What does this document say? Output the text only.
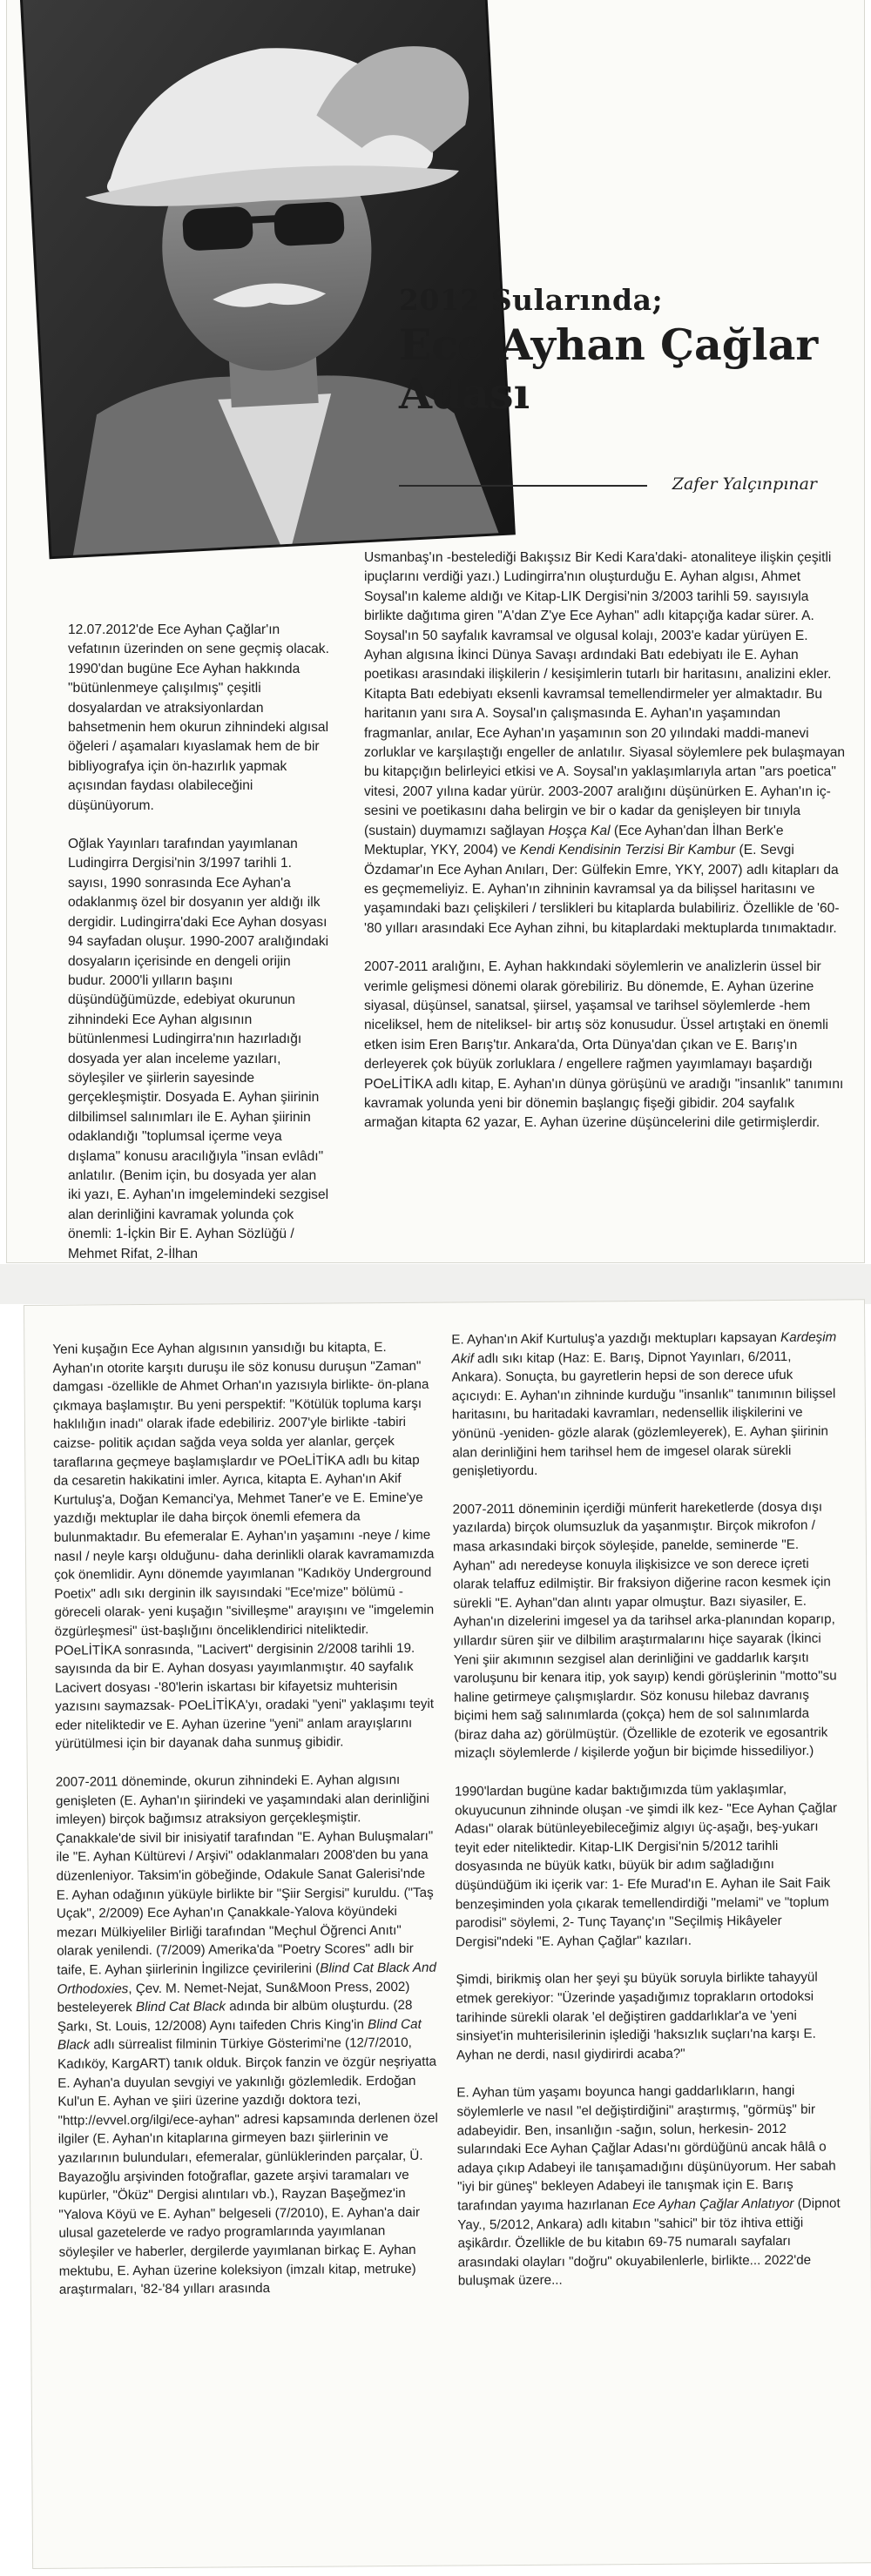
2012 Sularında;
Ece Ayhan Çağlar
Adası
Zafer Yalçınpınar

12.07.2012'de Ece Ayhan Çağlar'ın vefatının üzerinden on sene geçmiş olacak. 1990'dan bugüne Ece Ayhan hakkında "bütünlenmeye çalışılmış" çeşitli dosyalardan ve atraksiyonlardan bahsetmenin hem okurun zihnindeki algısal öğeleri / aşamaları kıyaslamak hem de bir bibliyografya için ön-hazırlık yapmak açısından faydası olabileceğini düşünüyorum.

Oğlak Yayınları tarafından yayımlanan Ludingirra Dergisi'nin 3/1997 tarihli 1. sayısı, 1990 sonrasında Ece Ayhan'a odaklanmış özel bir dosyanın yer aldığı ilk dergidir. Ludingirra'daki Ece Ayhan dosyası 94 sayfadan oluşur. 1990-2007 aralığındaki dosyaların içerisinde en dengeli orijin budur. 2000'li yılların başını düşündüğümüzde, edebiyat okurunun zihnindeki Ece Ayhan algısının bütünlenmesi Ludingirra'nın hazırladığı dosyada yer alan inceleme yazıları, söyleşiler ve şiirlerin sayesinde gerçekleşmiştir. Dosyada E. Ayhan şiirinin dilbilimsel salınımları ile E. Ayhan şiirinin odaklandığı "toplumsal içerme veya dışlama" konusu aracılığıyla "insan evlâdı" anlatılır. (Benim için, bu dosyada yer alan iki yazı, E. Ayhan'ın imgelemindeki sezgisel alan derinliğini kavramak yolunda çok önemli: 1-İçkin Bir E. Ayhan Sözlüğü / Mehmet Rifat, 2-İlhan

Usmanbaş'ın -bestelediği Bakışsız Bir Kedi Kara'daki- atonaliteye ilişkin çeşitli ipuçlarını verdiği yazı.) Ludingirra'nın oluşturduğu E. Ayhan algısı, Ahmet Soysal'ın kaleme aldığı ve Kitap-LIK Dergisi'nin 3/2003 tarihli 59. sayısıyla birlikte dağıtıma giren "A'dan Z'ye Ece Ayhan" adlı kitapçığa kadar sürer. A. Soysal'ın 50 sayfalık kavramsal ve olgusal kolajı, 2003'e kadar yürüyen E. Ayhan algısına İkinci Dünya Savaşı ardındaki Batı edebiyatı ile E. Ayhan poetikası arasındaki ilişkilerin / kesişimlerin tutarlı bir haritasını, analizini ekler. Kitapta Batı edebiyatı eksenli kavramsal temellendirmeler yer almaktadır. Bu haritanın yanı sıra A. Soysal'ın çalışmasında E. Ayhan'ın yaşamından fragmanlar, anılar, Ece Ayhan'ın yaşamının son 20 yılındaki maddi-manevi zorluklar ve karşılaştığı engeller de anlatılır. Siyasal söylemlere pek bulaşmayan bu kitapçığın belirleyici etkisi ve A. Soysal'ın yaklaşımlarıyla artan "ars poetica" vitesi, 2007 yılına kadar yürür. 2003-2007 aralığını düşünürken E. Ayhan'ın iç-sesini ve poetikasını daha belirgin ve bir o kadar da genişleyen bir tınıyla (sustain) duymamızı sağlayan Hoşça Kal (Ece Ayhan'dan İlhan Berk'e Mektuplar, YKY, 2004) ve Kendi Kendisinin Terzisi Bir Kambur (E. Sevgi Özdamar'ın Ece Ayhan Anıları, Der: Gülfekin Emre, YKY, 2007) adlı kitapları da es geçmemeliyiz. E. Ayhan'ın zihninin kavramsal ya da bilişsel haritasını ve yaşamındaki bazı çelişkileri / terslikleri bu kitaplarda bulabiliriz. Özellikle de '60-'80 yılları arasındaki Ece Ayhan zihni, bu kitaplardaki mektuplarda tınımaktadır.

2007-2011 aralığını, E. Ayhan hakkındaki söylemlerin ve analizlerin üssel bir verimle gelişmesi dönemi olarak görebiliriz. Bu dönemde, E. Ayhan üzerine siyasal, düşünsel, sanatsal, şiirsel, yaşamsal ve tarihsel söylemlerde -hem niceliksel, hem de niteliksel- bir artış söz konusudur. Üssel artıştaki en önemli etken isim Eren Barış'tır. Ankara'da, Orta Dünya'dan çıkan ve E. Barış'ın derleyerek çok büyük zorluklara / engellere rağmen yayımlamayı başardığı POeLİTİKA adlı kitap, E. Ayhan'ın dünya görüşünü ve aradığı "insanlık" tanımını kavramak yolunda yeni bir dönemin başlangıç fişeği gibidir. 204 sayfalık armağan kitapta 62 yazar, E. Ayhan üzerine düşüncelerini dile getirmişlerdir.

Yeni kuşağın Ece Ayhan algısının yansıdığı bu kitapta, E. Ayhan'ın otorite karşıtı duruşu ile söz konusu duruşun "Zaman" damgası -özellikle de Ahmet Orhan'ın yazısıyla birlikte- ön-plana çıkmaya başlamıştır. Bu yeni perspektif: "Kötülük topluma karşı haklılığın inadı" olarak ifade edebiliriz. 2007'yle birlikte -tabiri caizse- politik açıdan sağda veya solda yer alanlar, gerçek taraflarına geçmeye başlamışlardır ve POeLİTİKA adlı bu kitap da cesaretin hakikatini imler. Ayrıca, kitapta E. Ayhan'ın Akif Kurtuluş'a, Doğan Kemanci'ya, Mehmet Taner'e ve E. Emine'ye yazdığı mektuplar ile daha birçok önemli efemera da bulunmaktadır. Bu efemeralar E. Ayhan'ın yaşamını -neye / kime nasıl / neyle karşı olduğunu- daha derinlikli olarak kavramamızda çok önemlidir. Aynı dönemde yayımlanan "Kadıköy Underground Poetix" adlı sıkı derginin ilk sayısındaki "Ece'mize" bölümü -göreceli olarak- yeni kuşağın "sivilleşme" arayışını ve "imgelemin özgürleşmesi" üst-başlığını önceliklendirici niteliktedir. POeLİTİKA sonrasında, "Lacivert" dergisinin 2/2008 tarihli 19. sayısında da bir E. Ayhan dosyası yayımlanmıştır. 40 sayfalık Lacivert dosyası -'80'lerin iskartası bir kifayetsiz muhterisin yazısını saymazsak- POeLİTİKA'yı, oradaki "yeni" yaklaşımı teyit eder niteliktedir ve E. Ayhan üzerine "yeni" anlam arayışlarını yürütülmesi için bir dayanak daha sunmuş gibidir.

2007-2011 döneminde, okurun zihnindeki E. Ayhan algısını genişleten (E. Ayhan'ın şiirindeki ve yaşamındaki alan derinliğini imleyen) birçok bağımsız atraksiyon gerçekleşmiştir. Çanakkale'de sivil bir inisiyatif tarafından "E. Ayhan Buluşmaları" ile "E. Ayhan Kültürevi / Arşivi" odaklanmaları 2008'den bu yana düzenleniyor. Taksim'in göbeğinde, Odakule Sanat Galerisi'nde E. Ayhan odağının yüküyle birlikte bir "Şiir Sergisi" kuruldu. ("Taş Uçak", 2/2009) Ece Ayhan'ın Çanakkale-Yalova köyündeki mezarı Mülkiyeliler Birliği tarafından "Meçhul Öğrenci Anıtı" olarak yenilendi. (7/2009) Amerika'da "Poetry Scores" adlı bir taife, E. Ayhan şiirlerinin İngilizce çevirilerini (Blind Cat Black And Orthodoxies, Çev. M. Nemet-Nejat, Sun&Moon Press, 2002) besteleyerek Blind Cat Black adında bir albüm oluşturdu. (28 Şarkı, St. Louis, 12/2008) Aynı taifeden Chris King'in Blind Cat Black adlı sürrealist filminin Türkiye Gösterimi'ne (12/7/2010, Kadıköy, KargART) tanık olduk. Birçok fanzin ve özgür neşriyatta E. Ayhan'a duyulan sevgiyi ve yakınlığı gözlemledik. Erdoğan Kul'un E. Ayhan ve şiiri üzerine yazdığı doktora tezi, "http://evvel.org/ilgi/ece-ayhan" adresi kapsamında derlenen özel ilgiler (E. Ayhan'ın kitaplarına girmeyen bazı şiirlerinin ve yazılarının bulunduları, efemeralar, günlüklerinden parçalar, Ü. Bayazoğlu arşivinden fotoğraflar, gazete arşivi taramaları ve kupürler, "Öküz" Dergisi alıntıları vb.), Rayzan Başeğmez'in "Yalova Köyü ve E. Ayhan" belgeseli (7/2010), E. Ayhan'a dair ulusal gazetelerde ve radyo programlarında yayımlanan söyleşiler ve haberler, dergilerde yayımlanan birkaç E. Ayhan mektubu, E. Ayhan üzerine koleksiyon (imzalı kitap, metruke) araştırmaları, '82-'84 yılları arasında

E. Ayhan'ın Akif Kurtuluş'a yazdığı mektupları kapsayan Kardeşim Akif adlı sıkı kitap (Haz: E. Barış, Dipnot Yayınları, 6/2011, Ankara). Sonuçta, bu gayretlerin hepsi de son derece ufuk açıcıydı: E. Ayhan'ın zihninde kurduğu "insanlık" tanımının bilişsel haritasını, bu haritadaki kavramları, nedensellik ilişkilerini ve yönünü -yeniden- gözle alarak (gözlemleyerek), E. Ayhan şiirinin alan derinliğini hem tarihsel hem de imgesel olarak sürekli genişletiyordu.

2007-2011 döneminin içerdiği münferit hareketlerde (dosya dışı yazılarda) birçok olumsuzluk da yaşanmıştır. Birçok mikrofon / masa arkasındaki birçok söyleşide, panelde, seminerde "E. Ayhan" adı neredeyse konuyla ilişkisizce ve son derece içreti olarak telaffuz edilmiştir. Bir fraksiyon diğerine racon kesmek için sürekli "E. Ayhan"dan alıntı yapar olmuştur. Bazı siyasiler, E. Ayhan'ın dizelerini imgesel ya da tarihsel arka-planından koparıp, yıllardır süren şiir ve dilbilim araştırmalarını hiçe sayarak (İkinci Yeni şiir akımının sezgisel alan derinliğini ve gaddarlık karşıtı varoluşunu bir kenara itip, yok sayıp) kendi görüşlerinin "motto"su haline getirmeye çalışmışlardır. Söz konusu hilebaz davranış biçimi hem sağ salınımlarda (çokça) hem de sol salınımlarda (biraz daha az) görülmüştür. (Özellikle de ezoterik ve egosantrik mizaçlı söylemlerde / kişilerde yoğun bir biçimde hissediliyor.)

1990'lardan bugüne kadar baktığımızda tüm yaklaşımlar, okuyucunun zihninde oluşan -ve şimdi ilk kez- "Ece Ayhan Çağlar Adası" olarak bütünleyebileceğimiz algıyı üç-aşağı, beş-yukarı teyit eder niteliktedir. Kitap-LIK Dergisi'nin 5/2012 tarihli dosyasında ne büyük katkı, büyük bir adım sağladığını düşündüğüm iki içerik var: 1- Efe Murad'ın E. Ayhan ile Sait Faik benzeşiminden yola çıkarak temellendirdiği "melami" ve "toplum parodisi" söylemi, 2- Tunç Tayanç'ın "Seçilmiş Hikâyeler Dergisi"ndeki "E. Ayhan Çağlar" kazıları.

Şimdi, birikmiş olan her şeyi şu büyük soruyla birlikte tahayyül etmek gerekiyor: "Üzerinde yaşadığımız toprakların ortodoksi tarihinde sürekli olarak 'el değiştiren gaddarlıklar'a ve 'yeni sinsiyet'in muhterisilerinin işlediği 'haksızlık suçları'na karşı E. Ayhan ne derdi, nasıl giydirirdi acaba?"

E. Ayhan tüm yaşamı boyunca hangi gaddarlıkların, hangi söylemlerle ve nasıl "el değiştirdiğini" araştırmış, "görmüş" bir adabeyidir. Ben, insanlığın -sağın, solun, herkesin- 2012 sularındaki Ece Ayhan Çağlar Adası'nı gördüğünü ancak hâlâ o adaya çıkıp Adabeyi ile tanışamadığını düşünüyorum. Her sabah "iyi bir güneş" bekleyen Adabeyi ile tanışmak için E. Barış tarafından yayıma hazırlanan Ece Ayhan Çağlar Anlatıyor (Dipnot Yay., 5/2012, Ankara) adlı kitabın "sahici" bir töz ihtiva ettiği aşikârdır. Özellikle de bu kitabın 69-75 numaralı sayfaları arasındaki olayları "doğru" okuyabilenlerle, birlikte... 2022'de buluşmak üzere...
